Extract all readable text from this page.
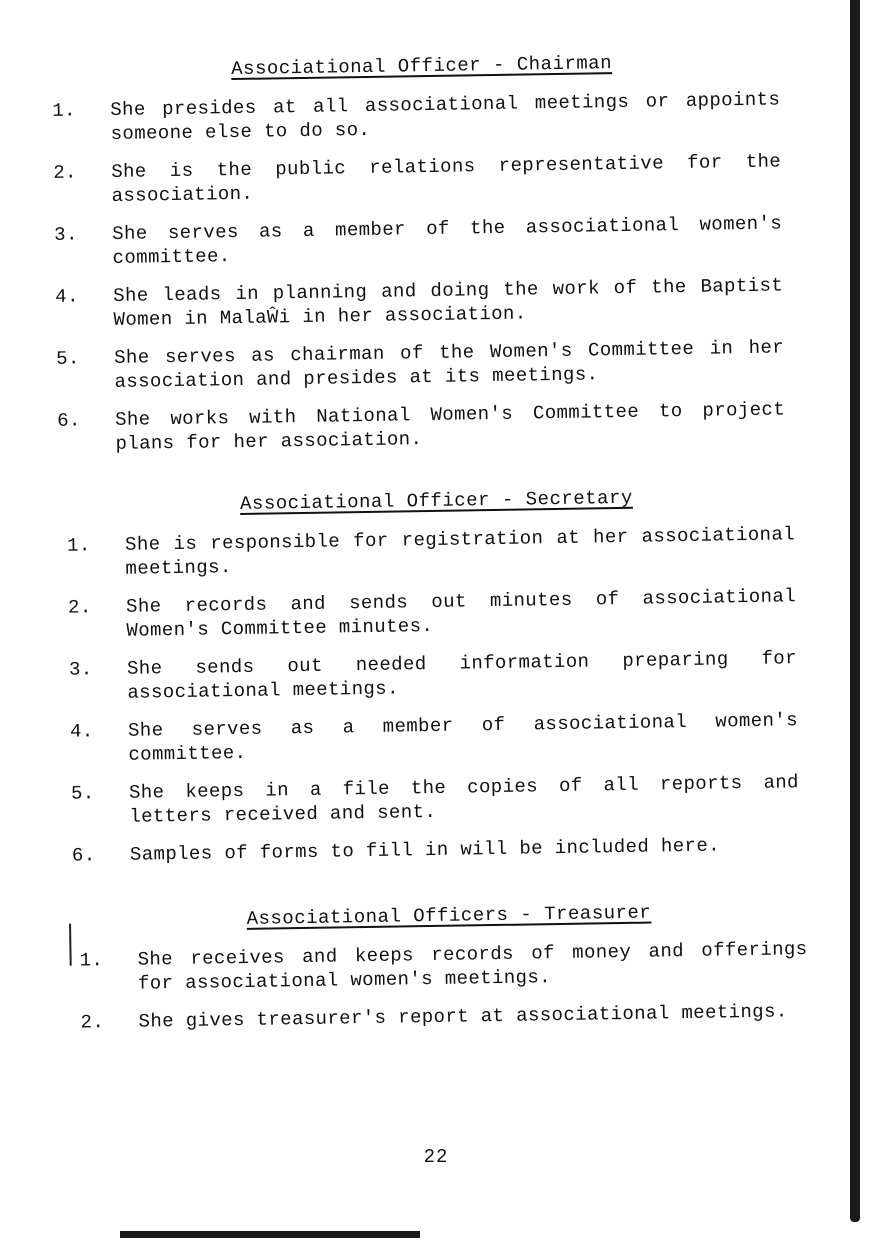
Associational Officer - Chairman
1.	She presides at all associational meetings or appoints someone else to do so.
2.	She is the public relations representative for the association.
3.	She serves as a member of the associational women's committee.
4.	She leads in planning and doing the work of the Baptist Women in MalaŴi in her association.
5.	She serves as chairman of the Women's Committee in her association and presides at its meetings.
6.	She works with National Women's Committee to project plans for her association.
Associational Officer - Secretary
1.	She is responsible for registration at her associational meetings.
2.	She records and sends out minutes of associational Women's Committee minutes.
3.	She sends out needed information preparing for associational meetings.
4.	She serves as a member of associational women's committee.
5.	She keeps in a file the copies of all reports and letters received and sent.
6.	Samples of forms to fill in will be included here.
Associational Officers - Treasurer
1.	She receives and keeps records of money and offerings for associational women's meetings.
2.	She gives treasurer's report at associational meetings.
22
